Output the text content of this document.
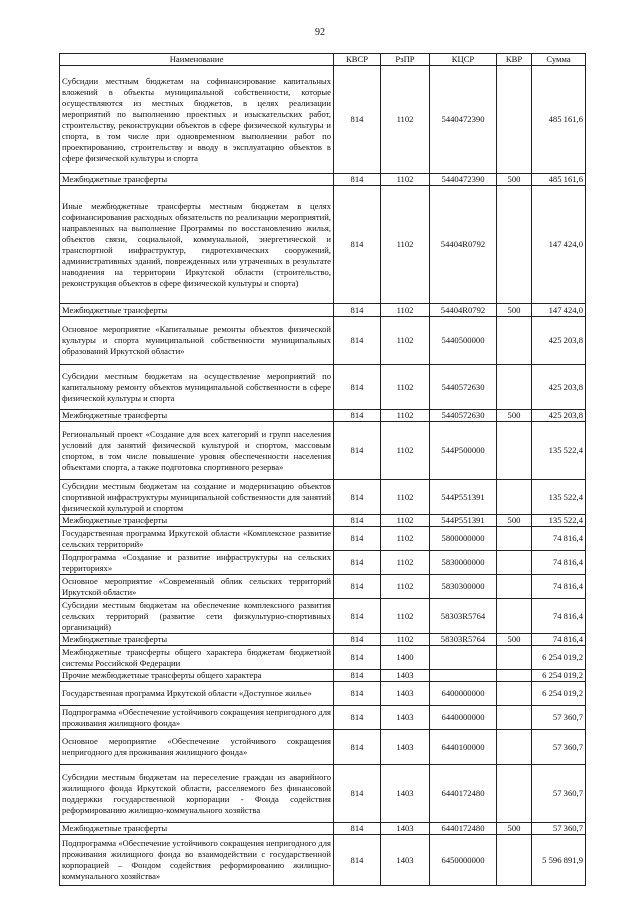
92
Наименование	КВСР	РзПР	КЦСР	КВР	Сумма
Субсидии местным бюджетам на софинансирование капитальных вложений в объекты муниципальной собственности, которые осуществляются из местных бюджетов, в целях реализации мероприятий по выполнению проектных и изыскательских работ, строительству, реконструкции объектов в сфере физической культуры и спорта, в том числе при одновременном выполнении работ по проектированию, строительству и вводу в эксплуатацию объектов в сфере физической культуры и спорта	814	1102	5440472390		485 161,6
Межбюджетные трансферты	814	1102	5440472390	500	485 161,6
Иные межбюджетные трансферты местным бюджетам в целях софинансирования расходных обязательств по реализации мероприятий, направленных на выполнение Программы по восстановлению жилья, объектов связи, социальной, коммунальной, энергетической и транспортной инфраструктур, гидротехнических сооружений, административных зданий, поврежденных или утраченных в результате наводнения на территории Иркутской области (строительство, реконструкция объектов в сфере физической культуры и спорта)	814	1102	54404R0792		147 424,0
Межбюджетные трансферты	814	1102	54404R0792	500	147 424,0
Основное мероприятие «Капитальные ремонты объектов физической культуры и спорта муниципальной собственности муниципальных образований Иркутской области»	814	1102	5440500000		425 203,8
Субсидии местным бюджетам на осуществление мероприятий по капитальному ремонту объектов муниципальной собственности в сфере физической культуры и спорта	814	1102	5440572630		425 203,8
Межбюджетные трансферты	814	1102	5440572630	500	425 203,8
Региональный проект «Создание для всех категорий и групп населения условий для занятий физической культурой и спортом, массовым спортом, в том числе повышение уровня обеспеченности населения объектами спорта, а также подготовка спортивного резерва»	814	1102	544P500000		135 522,4
Субсидии местным бюджетам на создание и модернизацию объектов спортивной инфраструктуры муниципальной собственности для занятий физической культурой и спортом	814	1102	544P551391		135 522,4
Межбюджетные трансферты	814	1102	544P551391	500	135 522,4
Государственная программа Иркутской области «Комплексное развитие сельских территорий»	814	1102	5800000000		74 816,4
Подпрограмма «Создание и развитие инфраструктуры на сельских территориях»	814	1102	5830000000		74 816,4
Основное мероприятие «Современный облик сельских территорий Иркутской области»	814	1102	5830300000		74 816,4
Субсидии местным бюджетам на обеспечение комплексного развития сельских территорий (развитие сети физкультурно-спортивных организаций)	814	1102	58303R5764		74 816,4
Межбюджетные трансферты	814	1102	58303R5764	500	74 816,4
Межбюджетные трансферты общего характера бюджетам бюджетной системы Российской Федерации	814	1400			6 254 019,2
Прочие межбюджетные трансферты общего характера	814	1403			6 254 019,2
Государственная программа Иркутской области «Доступное жилье»	814	1403	6400000000		6 254 019,2
Подпрограмма «Обеспечение устойчивого сокращения непригодного для проживания жилищного фонда»	814	1403	6440000000		57 360,7
Основное мероприятие «Обеспечение устойчивого сокращения непригодного для проживания жилищного фонда»	814	1403	6440100000		57 360,7
Субсидии местным бюджетам на переселение граждан из аварийного жилищного фонда Иркутской области, расселяемого без финансовой поддержки государственной корпорации - Фонда содействия реформированию жилищно-коммунального хозяйства	814	1403	6440172480		57 360,7
Межбюджетные трансферты	814	1403	6440172480	500	57 360,7
Подпрограмма «Обеспечение устойчивого сокращения непригодного для проживания жилищного фонда во взаимодействии с государственной корпорацией – Фондом содействия реформированию жилищно-коммунального хозяйства»	814	1403	6450000000		5 596 891,9
